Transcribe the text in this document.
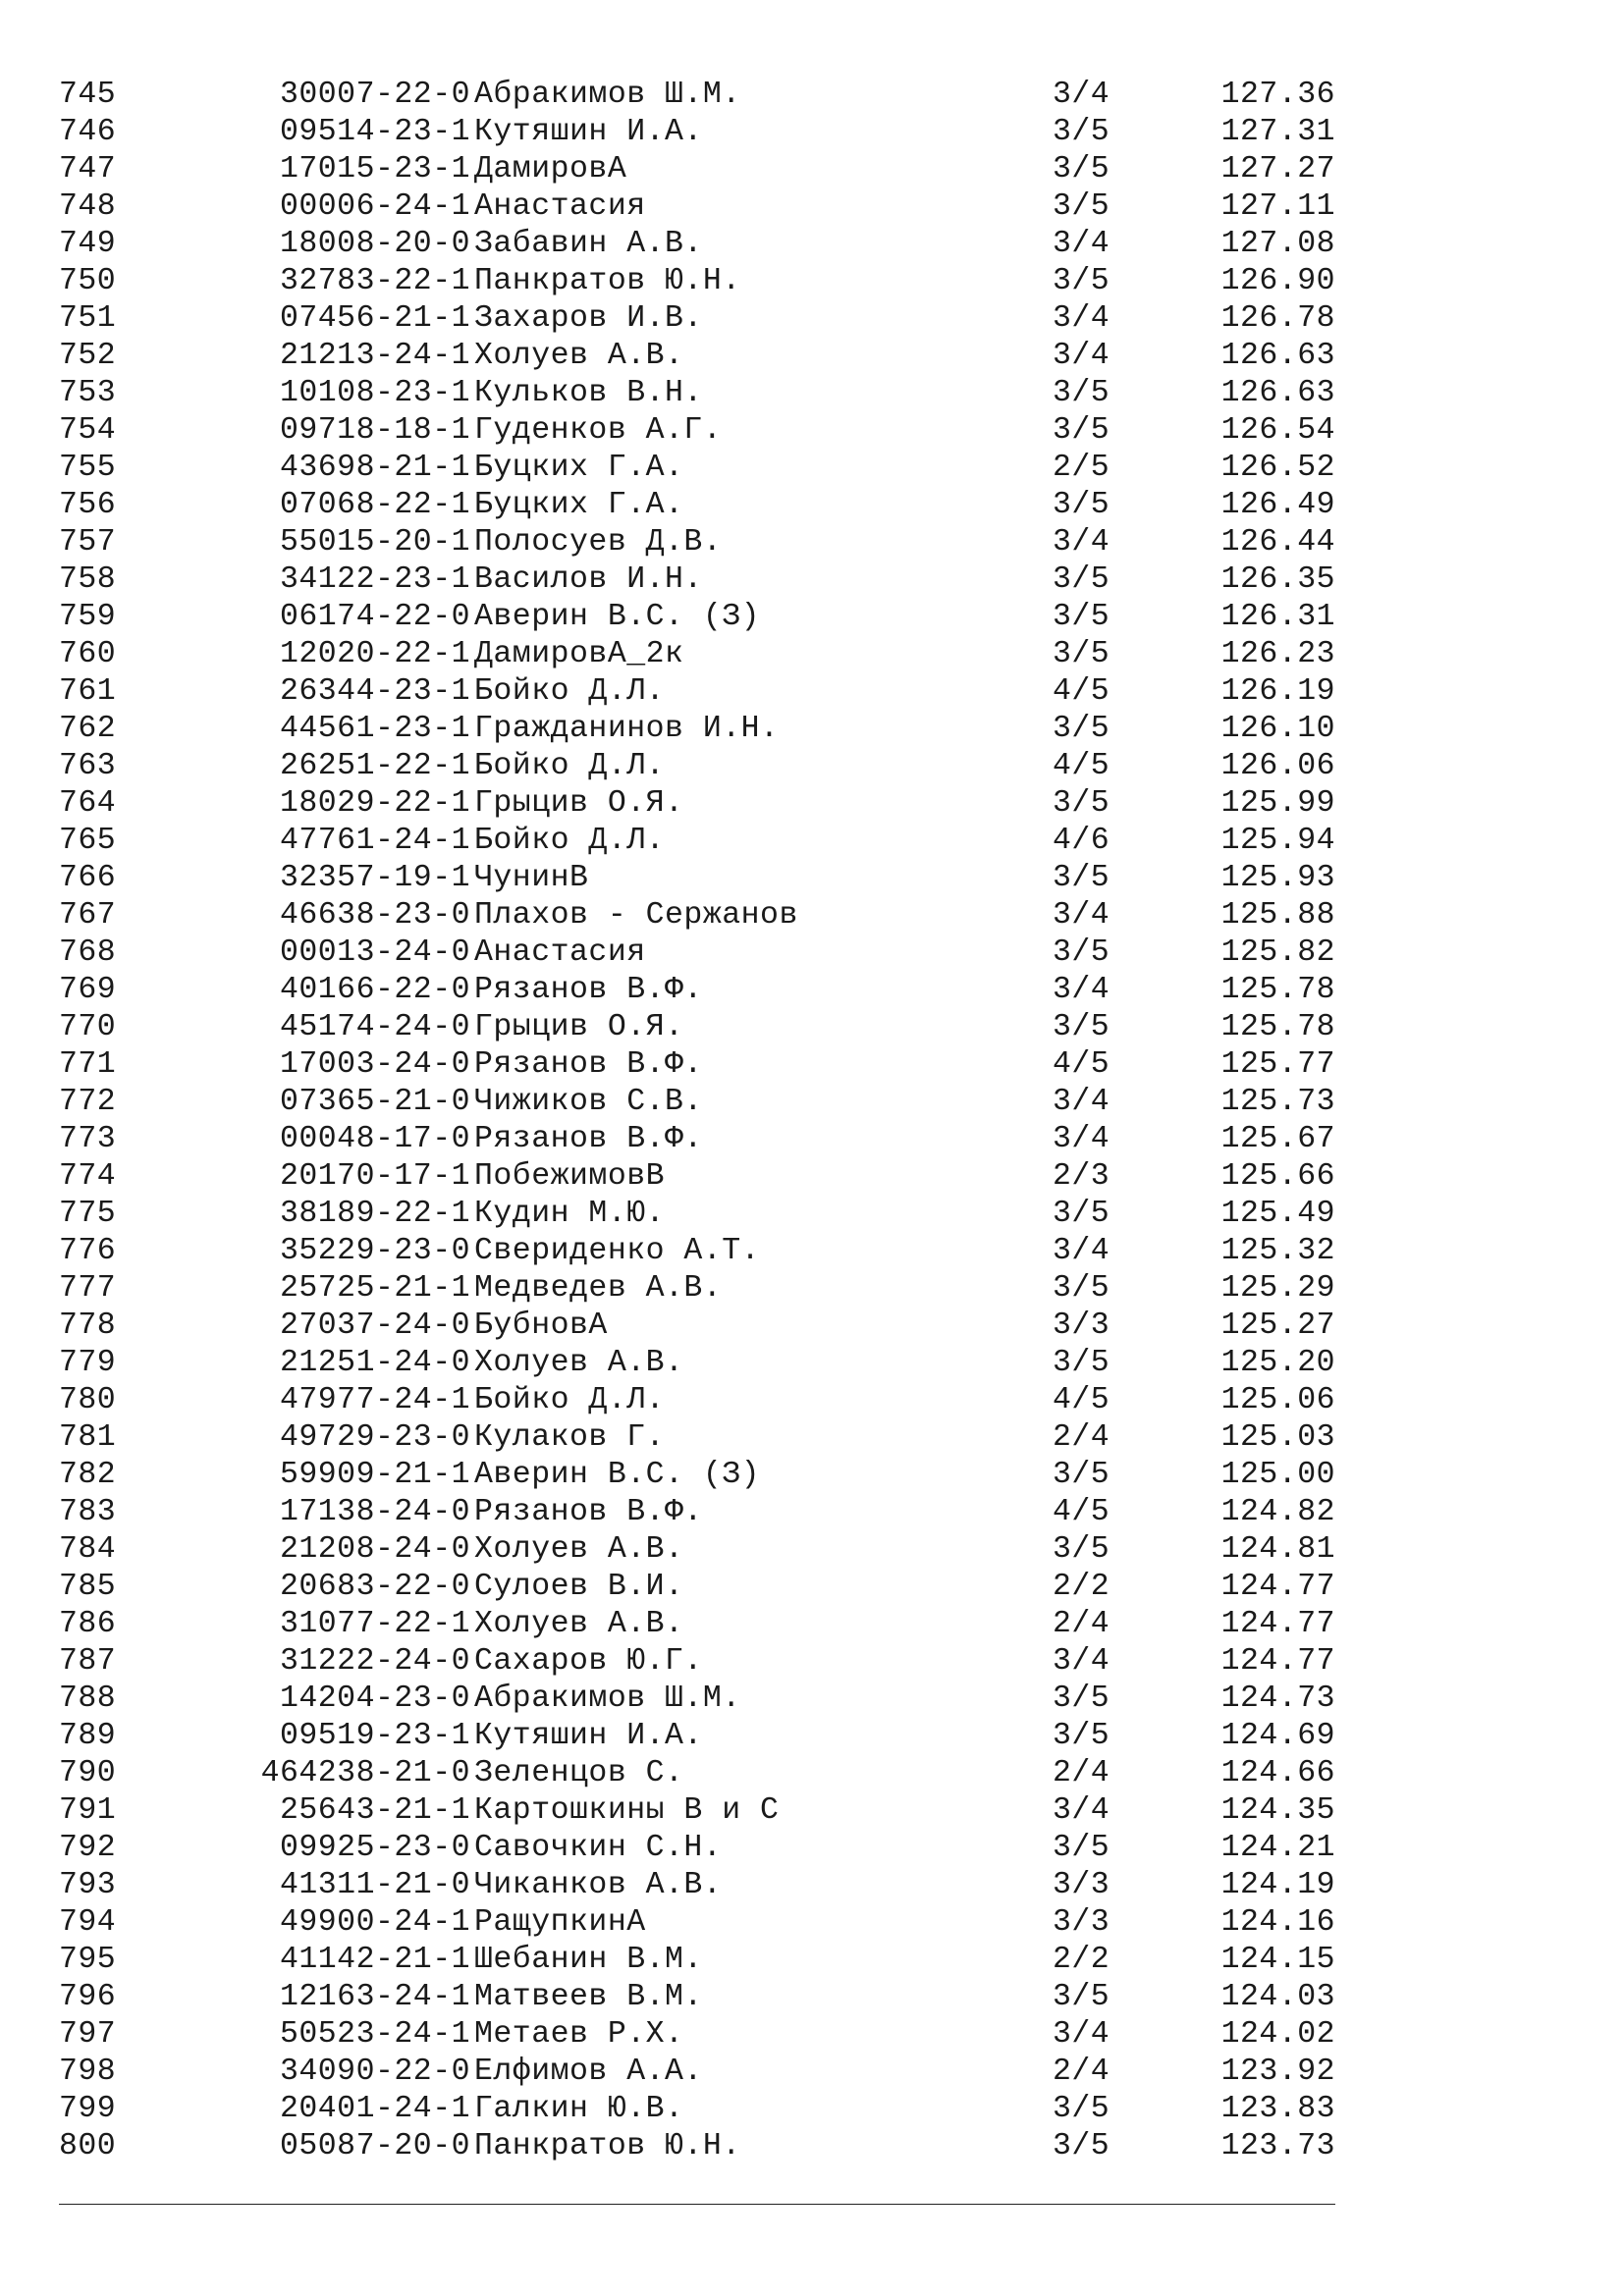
745	30007-22-0 Абракимов Ш.М.	3/4	127.36
746	09514-23-1 Кутяшин И.А.	3/5	127.31
747	17015-23-1 ДамировА	3/5	127.27
748	00006-24-1 Анастасия	3/5	127.11
749	18008-20-0 Забавин А.В.	3/4	127.08
750	32783-22-1 Панкратов Ю.Н.	3/5	126.90
751	07456-21-1 Захаров И.В.	3/4	126.78
752	21213-24-1 Холуев А.В.	3/4	126.63
753	10108-23-1 Кульков В.Н.	3/5	126.63
754	09718-18-1 Гуденков А.Г.	3/5	126.54
755	43698-21-1 Буцких Г.А.	2/5	126.52
756	07068-22-1 Буцких Г.А.	3/5	126.49
757	55015-20-1 Полосуев Д.В.	3/4	126.44
758	34122-23-1 Василов И.Н.	3/5	126.35
759	06174-22-0 Аверин В.С. (З)	3/5	126.31
760	12020-22-1 ДамировА_2к	3/5	126.23
761	26344-23-1 Бойко Д.Л.	4/5	126.19
762	44561-23-1 Гражданинов И.Н.	3/5	126.10
763	26251-22-1 Бойко Д.Л.	4/5	126.06
764	18029-22-1 Грыцив О.Я.	3/5	125.99
765	47761-24-1 Бойко Д.Л.	4/6	125.94
766	32357-19-1 ЧунинВ	3/5	125.93
767	46638-23-0 Плахов - Сержанов	3/4	125.88
768	00013-24-0 Анастасия	3/5	125.82
769	40166-22-0 Рязанов В.Ф.	3/4	125.78
770	45174-24-0 Грыцив О.Я.	3/5	125.78
771	17003-24-0 Рязанов В.Ф.	4/5	125.77
772	07365-21-0 Чижиков С.В.	3/4	125.73
773	00048-17-0 Рязанов В.Ф.	3/4	125.67
774	20170-17-1 ПобежимовВ	2/3	125.66
775	38189-22-1 Кудин М.Ю.	3/5	125.49
776	35229-23-0 Свериденко А.Т.	3/4	125.32
777	25725-21-1 Медведев А.В.	3/5	125.29
778	27037-24-0 БубновА	3/3	125.27
779	21251-24-0 Холуев А.В.	3/5	125.20
780	47977-24-1 Бойко Д.Л.	4/5	125.06
781	49729-23-0 Кулаков Г.	2/4	125.03
782	59909-21-1 Аверин В.С. (З)	3/5	125.00
783	17138-24-0 Рязанов В.Ф.	4/5	124.82
784	21208-24-0 Холуев А.В.	3/5	124.81
785	20683-22-0 Сулоев В.И.	2/2	124.77
786	31077-22-1 Холуев А.В.	2/4	124.77
787	31222-24-0 Сахаров Ю.Г.	3/4	124.77
788	14204-23-0 Абракимов Ш.М.	3/5	124.73
789	09519-23-1 Кутяшин И.А.	3/5	124.69
790	464238-21-0 Зеленцов С.	2/4	124.66
791	25643-21-1 Картошкины В и С	3/4	124.35
792	09925-23-0 Савочкин С.Н.	3/5	124.21
793	41311-21-0 Чиканков А.В.	3/3	124.19
794	49900-24-1 РащупкинА	3/3	124.16
795	41142-21-1 Шебанин В.М.	2/2	124.15
796	12163-24-1 Матвеев В.М.	3/5	124.03
797	50523-24-1 Метаев Р.Х.	3/4	124.02
798	34090-22-0 Елфимов А.А.	2/4	123.92
799	20401-24-1 Галкин Ю.В.	3/5	123.83
800	05087-20-0 Панкратов Ю.Н.	3/5	123.73
